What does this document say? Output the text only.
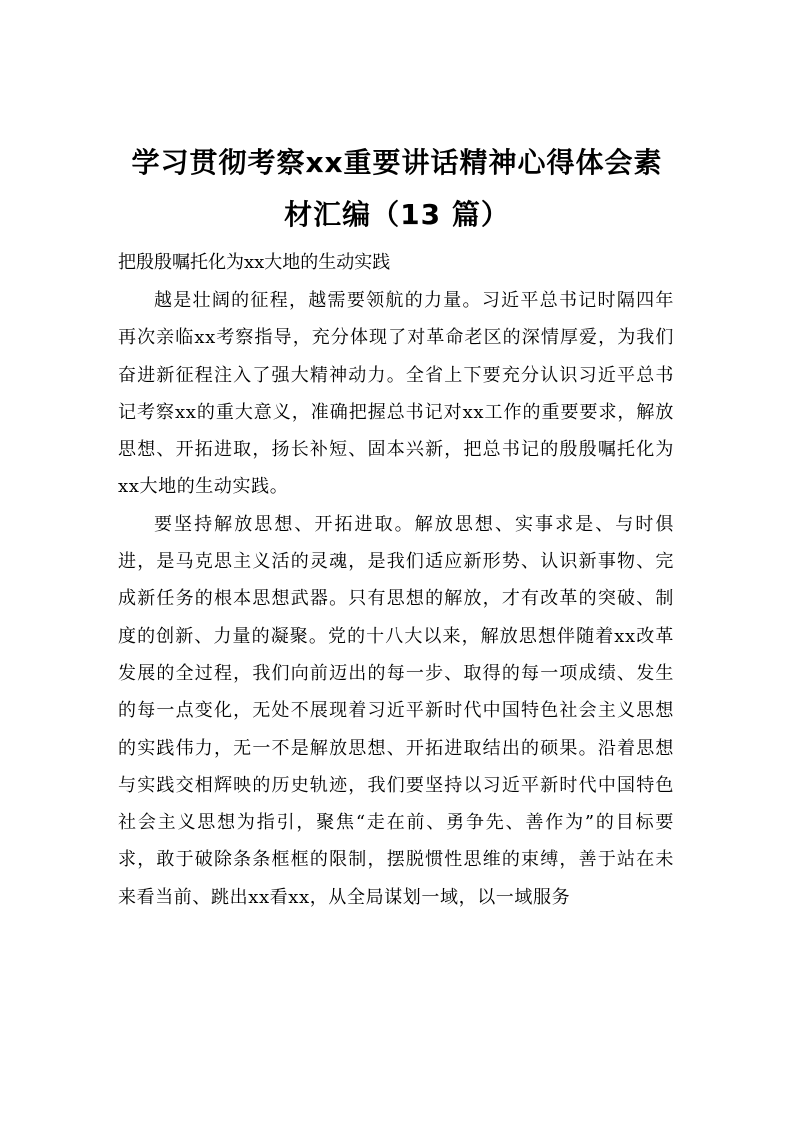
学习贯彻考察xx重要讲话精神心得体会素
材汇编（13 篇）
把殷殷嘱托化为xx大地的生动实践

越是壮阔的征程，越需要领航的力量。习近平总书记时隔四年再次亲临xx考察指导，充分体现了对革命老区的深情厚爱，为我们奋进新征程注入了强大精神动力。全省上下要充分认识习近平总书记考察xx的重大意义，准确把握总书记对xx工作的重要要求，解放思想、开拓进取，扬长补短、固本兴新，把总书记的殷殷嘱托化为xx大地的生动实践。

要坚持解放思想、开拓进取。解放思想、实事求是、与时俱进，是马克思主义活的灵魂，是我们适应新形势、认识新事物、完成新任务的根本思想武器。只有思想的解放，才有改革的突破、制度的创新、力量的凝聚。党的十八大以来，解放思想伴随着xx改革发展的全过程，我们向前迈出的每一步、取得的每一项成绩、发生的每一点变化，无处不展现着习近平新时代中国特色社会主义思想的实践伟力，无一不是解放思想、开拓进取结出的硕果。沿着思想与实践交相辉映的历史轨迹，我们要坚持以习近平新时代中国特色社会主义思想为指引，聚焦“走在前、勇争先、善作为”的目标要求，敢于破除条条框框的限制，摆脱惯性思维的束缚，善于站在未来看当前、跳出xx看xx，从全局谋划一域，以一域服务
